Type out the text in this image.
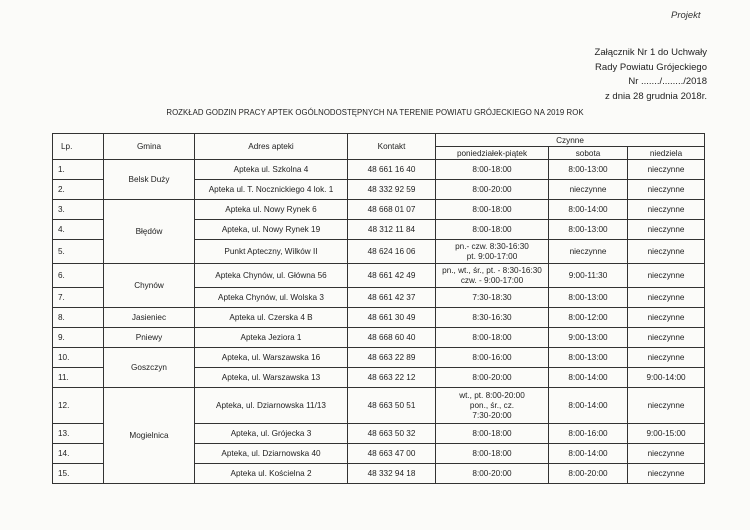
Projekt
Załącznik Nr 1 do Uchwały
Rady Powiatu Grójeckiego
Nr ......./......../2018
z dnia 28 grudnia 2018r.
ROZKŁAD GODZIN PRACY APTEK OGÓLNODOSTĘPNYCH NA TERENIE POWIATU GRÓJECKIEGO NA 2019 ROK
Lp.	Gmina	Adres apteki	Kontakt	Czynne		
				poniedziałek-piątek	sobota	niedziela
1.	Belsk Duży	Apteka ul. Szkolna 4	48 661 16 40	8:00-18:00	8:00-13:00	nieczynne
2.		Apteka ul. T. Nocznickiego 4 lok. 1	48 332 92 59	8:00-20:00	nieczynne	nieczynne
3.	Błędów	Apteka ul. Nowy Rynek 6	48 668 01 07	8:00-18:00	8:00-14:00	nieczynne
4.		Apteka, ul. Nowy Rynek 19	48 312 11 84	8:00-18:00	8:00-13:00	nieczynne
5.		Punkt Apteczny, Wilków II	48 624 16 06	pn.- czw. 8:30-16:30
pt. 9:00-17:00	nieczynne	nieczynne
6.	Chynów	Apteka Chynów, ul. Główna 56	48 661 42 49	pn., wt., śr., pt. - 8:30-16:30
czw. - 9:00-17:00	9:00-11:30	nieczynne
7.		Apteka Chynów, ul. Wolska 3	48 661 42 37	7:30-18:30	8:00-13:00	nieczynne
8.	Jasieniec	Apteka ul. Czerska 4 B	48 661 30 49	8:30-16:30	8:00-12:00	nieczynne
9.	Pniewy	Apteka Jeziora 1	48 668 60 40	8:00-18:00	9:00-13:00	nieczynne
10.	Goszczyn	Apteka, ul. Warszawska 16	48 663 22 89	8:00-16:00	8:00-13:00	nieczynne
11.		Apteka, ul. Warszawska 13	48 663 22 12	8:00-20:00	8:00-14:00	9:00-14:00
12.	Mogielnica	Apteka, ul. Dziarnowska 11/13	48 663 50 51	wt., pt. 8:00-20:00
pon., śr., cz.
7:30-20:00	8:00-14:00	nieczynne
13.		Apteka, ul. Grójecka 3	48 663 50 32	8:00-18:00	8:00-16:00	9:00-15:00
14.		Apteka, ul. Dziarnowska 40	48 663 47 00	8:00-18:00	8:00-14:00	nieczynne
15.		Apteka ul. Kościelna 2	48 332 94 18	8:00-20:00	8:00-20:00	nieczynne
